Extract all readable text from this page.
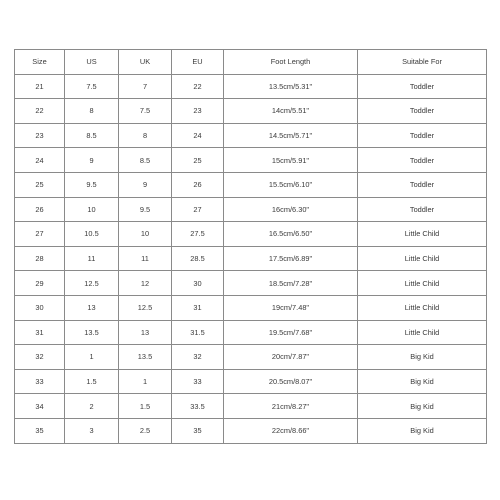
Size	US	UK	EU	Foot Length	Suitable For
21	7.5	7	22	13.5cm/5.31"	Toddler
22	8	7.5	23	14cm/5.51"	Toddler
23	8.5	8	24	14.5cm/5.71"	Toddler
24	9	8.5	25	15cm/5.91"	Toddler
25	9.5	9	26	15.5cm/6.10"	Toddler
26	10	9.5	27	16cm/6.30"	Toddler
27	10.5	10	27.5	16.5cm/6.50"	Little Child
28	11	11	28.5	17.5cm/6.89"	Little Child
29	12.5	12	30	18.5cm/7.28"	Little Child
30	13	12.5	31	19cm/7.48"	Little Child
31	13.5	13	31.5	19.5cm/7.68"	Little Child
32	1	13.5	32	20cm/7.87"	Big Kid
33	1.5	1	33	20.5cm/8.07"	Big Kid
34	2	1.5	33.5	21cm/8.27"	Big Kid
35	3	2.5	35	22cm/8.66"	Big Kid
